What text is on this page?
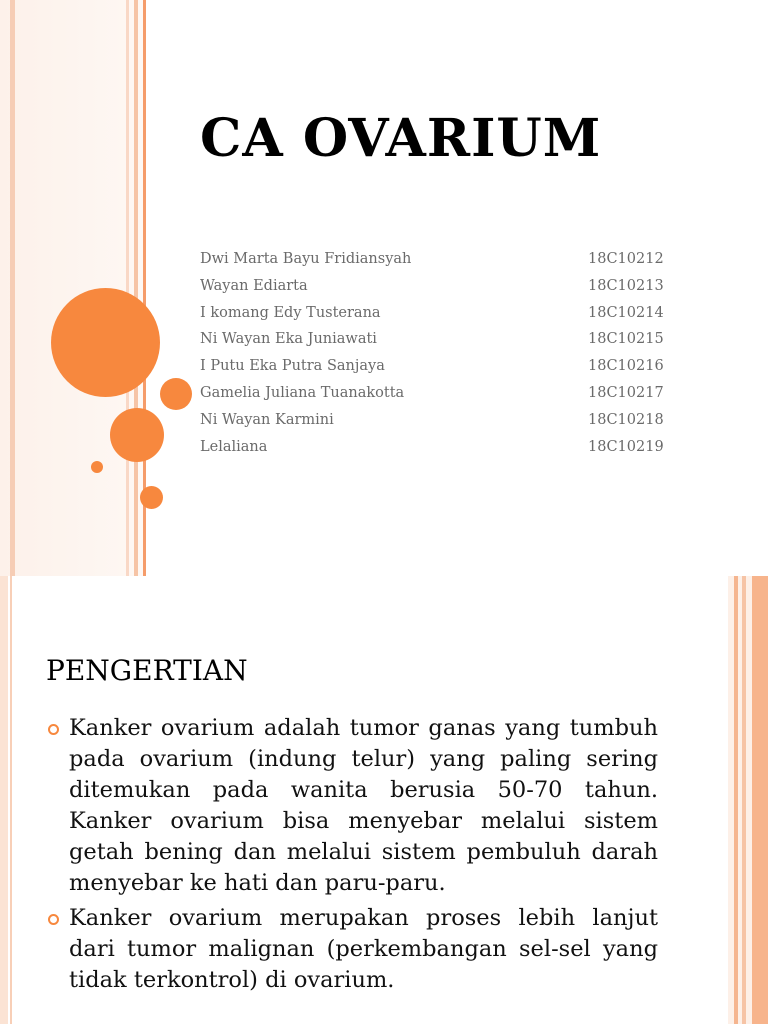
CA OVARIUM
Dwi Marta Bayu Fridiansyah	18C10212
Wayan Ediarta	18C10213
I komang Edy Tusterana	18C10214
Ni Wayan Eka Juniawati	18C10215
I Putu Eka Putra Sanjaya	18C10216
Gamelia Juliana Tuanakotta	18C10217
Ni Wayan Karmini	18C10218
Lelaliana	18C10219
PENGERTIAN
Kanker ovarium adalah tumor ganas yang tumbuh pada ovarium (indung telur) yang paling sering ditemukan pada wanita berusia 50-70 tahun. Kanker ovarium bisa menyebar melalui sistem getah bening dan melalui sistem pembuluh darah menyebar ke hati dan paru-paru.
Kanker ovarium merupakan proses lebih lanjut dari tumor malignan (perkembangan sel-sel yang tidak terkontrol) di ovarium.
